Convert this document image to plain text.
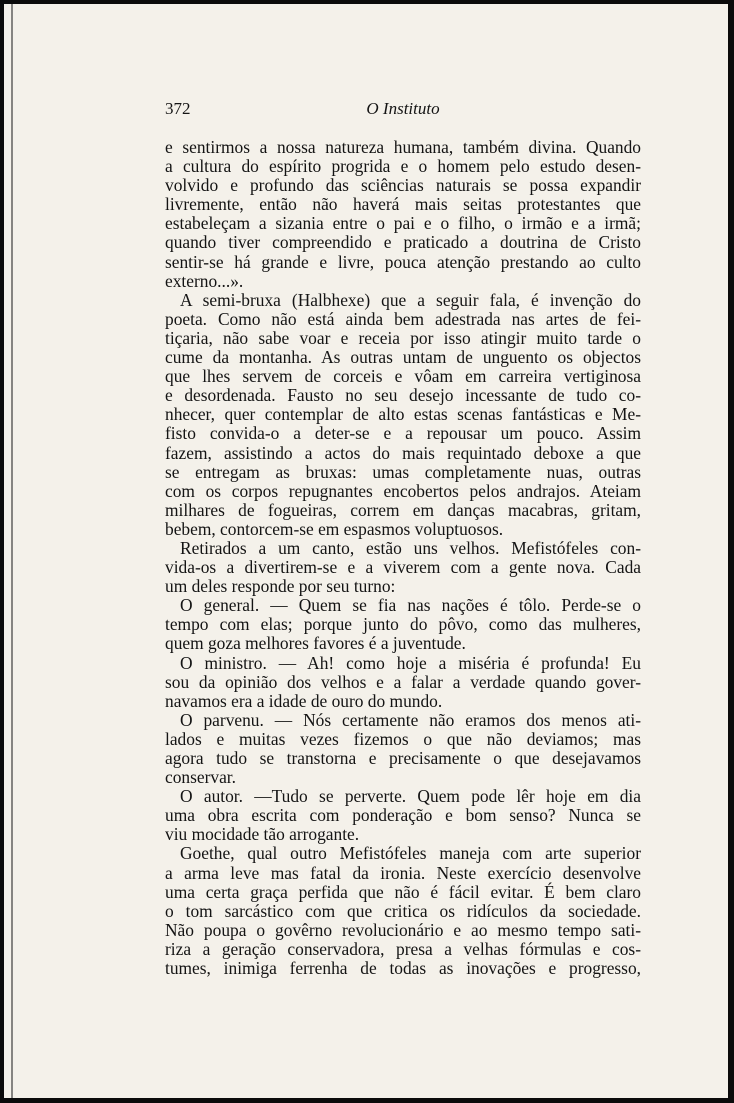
372	O Instituto
e sentirmos a nossa natureza humana, também divina. Quando
a cultura do espírito progrida e o homem pelo estudo desen-
volvido e profundo das sciências naturais se possa expandir
livremente, então não haverá mais seitas protestantes que
estabeleçam a sizania entre o pai e o filho, o irmão e a irmã;
quando tiver compreendido e praticado a doutrina de Cristo
sentir-se há grande e livre, pouca atenção prestando ao culto
externo...».
A semi-bruxa (Halbhexe) que a seguir fala, é invenção do
poeta. Como não está ainda bem adestrada nas artes de fei-
tiçaria, não sabe voar e receia por isso atingir muito tarde o
cume da montanha. As outras untam de unguento os objectos
que lhes servem de corceis e vôam em carreira vertiginosa
e desordenada. Fausto no seu desejo incessante de tudo co-
nhecer, quer contemplar de alto estas scenas fantásticas e Me-
fisto convida-o a deter-se e a repousar um pouco. Assim
fazem, assistindo a actos do mais requintado deboxe a que
se entregam as bruxas: umas completamente nuas, outras
com os corpos repugnantes encobertos pelos andrajos. Ateiam
milhares de fogueiras, correm em danças macabras, gritam,
bebem, contorcem-se em espasmos voluptuosos.
Retirados a um canto, estão uns velhos. Mefistófeles con-
vida-os a divertirem-se e a viverem com a gente nova. Cada
um deles responde por seu turno:
O general. — Quem se fia nas nações é tôlo. Perde-se o
tempo com elas; porque junto do pôvo, como das mulheres,
quem goza melhores favores é a juventude.
O ministro. — Ah! como hoje a miséria é profunda! Eu
sou da opinião dos velhos e a falar a verdade quando gover-
navamos era a idade de ouro do mundo.
O parvenu. — Nós certamente não eramos dos menos ati-
lados e muitas vezes fizemos o que não deviamos; mas
agora tudo se transtorna e precisamente o que desejavamos
conservar.
O autor. —Tudo se perverte. Quem pode lêr hoje em dia
uma obra escrita com ponderação e bom senso? Nunca se
viu mocidade tão arrogante.
Goethe, qual outro Mefistófeles maneja com arte superior
a arma leve mas fatal da ironia. Neste exercício desenvolve
uma certa graça perfida que não é fácil evitar. É bem claro
o tom sarcástico com que critica os ridículos da sociedade.
Não poupa o govêrno revolucionário e ao mesmo tempo sati-
riza a geração conservadora, presa a velhas fórmulas e cos-
tumes, inimiga ferrenha de todas as inovações e progresso,
